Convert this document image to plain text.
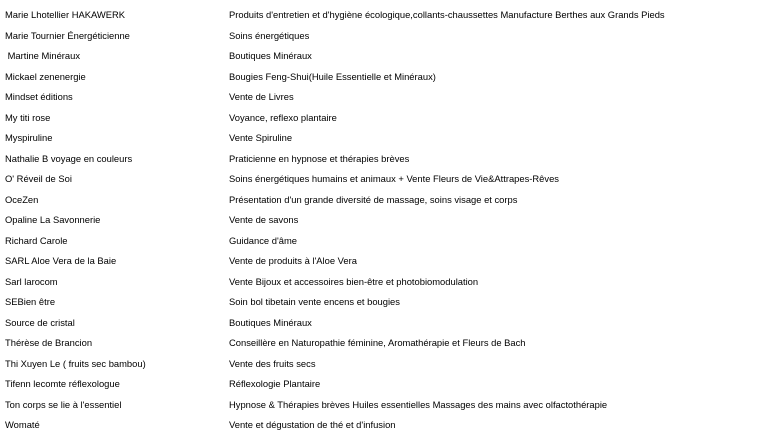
Marie Lhotellier HAKAWERK	Produits d'entretien et d'hygiène écologique,collants-chaussettes Manufacture Berthes aux Grands Pieds
Marie Tournier Énergéticienne	Soins énergétiques
Martine Minéraux	Boutiques Minéraux
Mickael zenenergie	Bougies Feng-Shui(Huile Essentielle et Minéraux)
Mindset éditions	Vente de Livres
My titi rose	Voyance, reflexo plantaire
Myspiruline	Vente Spiruline
Nathalie B voyage en couleurs	Praticienne en hypnose et thérapies brèves
O' Réveil de Soi	Soins énergétiques humains et animaux + Vente Fleurs de Vie&Attrapes-Rêves
OceZen	Présentation d'un grande diversité de massage, soins visage et corps
Opaline La Savonnerie	Vente de savons
Richard Carole	Guidance d'âme
SARL Aloe Vera de la Baie	Vente de produits à l'Aloe Vera
Sarl larocom	Vente Bijoux et accessoires bien-être et photobiomodulation
SEBien être	Soin bol tibetain vente encens et bougies
Source de cristal	Boutiques Minéraux
Thérèse de Brancion	Conseillère en Naturopathie féminine, Aromathérapie et Fleurs de Bach
Thi Xuyen Le ( fruits sec bambou)	Vente des fruits secs
Tifenn lecomte réflexologue	Réflexologie Plantaire
Ton corps se lie à l'essentiel	Hypnose & Thérapies brèves Huiles essentielles Massages des mains avec olfactothérapie
Womaté	Vente et dégustation de thé et d'infusion
